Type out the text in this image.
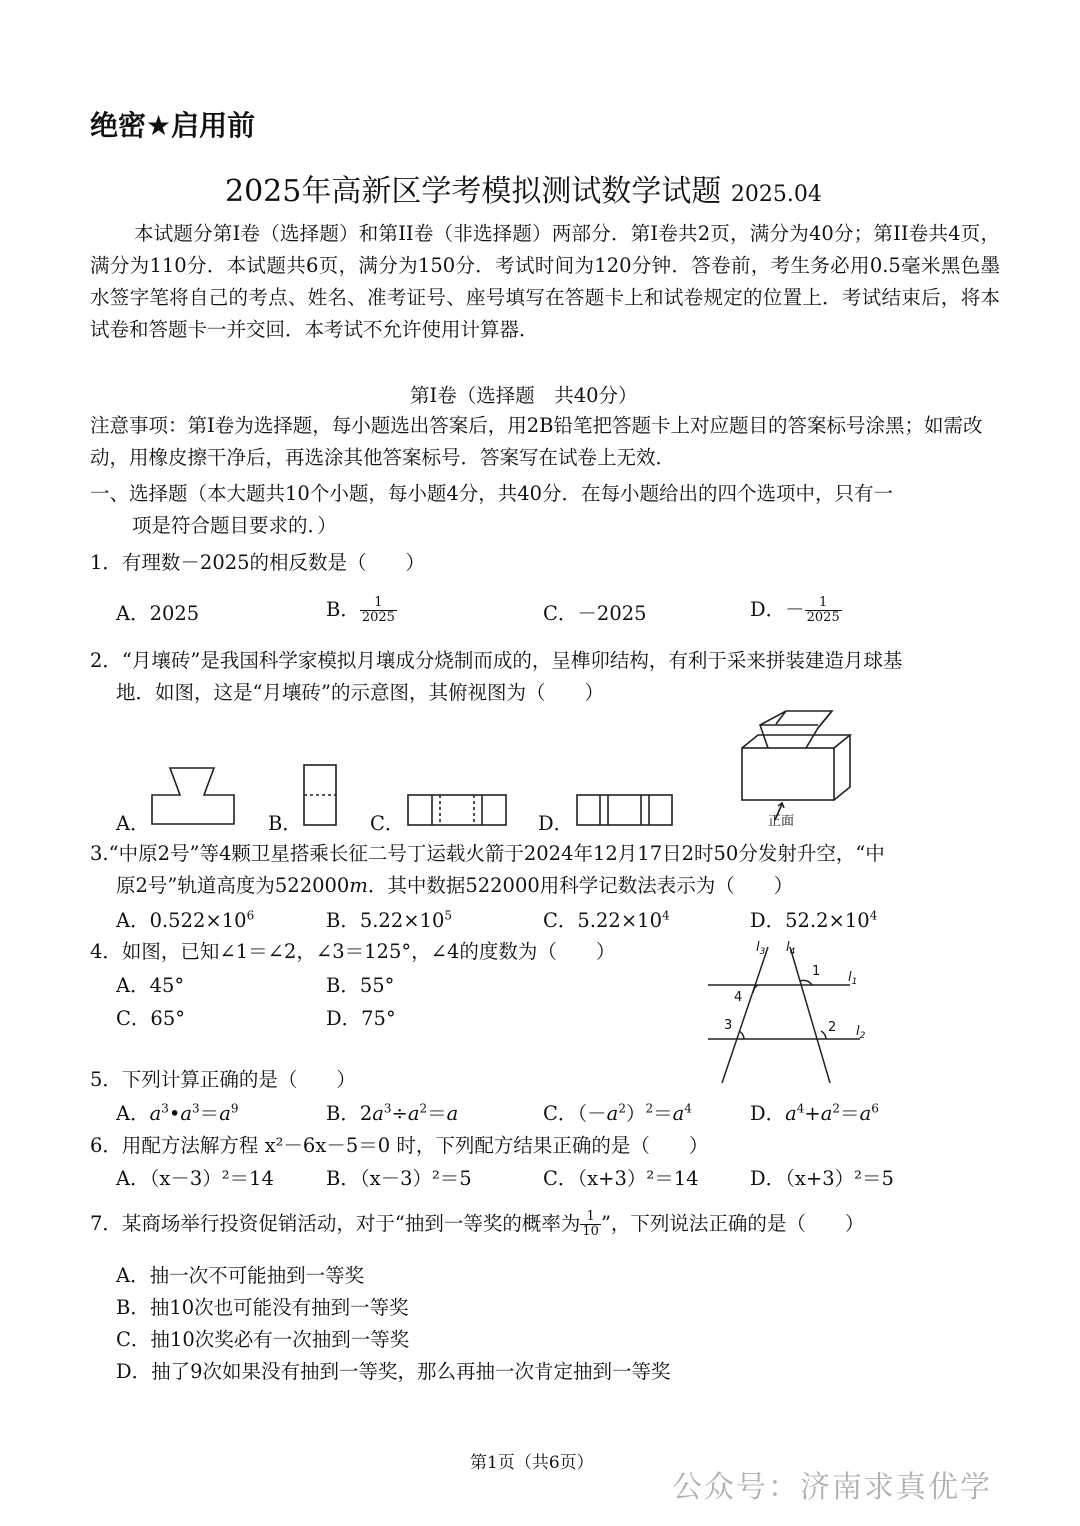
绝密★启用前
2025年高新区学考模拟测试数学试题 2025.04
本试题分第I卷（选择题）和第II卷（非选择题）两部分．第I卷共2页，满分为40分；第II卷共4页，满分为110分．本试题共6页，满分为150分．考试时间为120分钟．答卷前，考生务必用0.5毫米黑色墨水签字笔将自己的考点、姓名、准考证号、座号填写在答题卡上和试卷规定的位置上．考试结束后，将本试卷和答题卡一并交回．本考试不允许使用计算器．
第I卷（选择题　共40分）
注意事项：第I卷为选择题，每小题选出答案后，用2B铅笔把答题卡上对应题目的答案标号涂黑；如需改动，用橡皮擦干净后，再选涂其他答案标号．答案写在试卷上无效．
一、选择题（本大题共10个小题，每小题4分，共40分．在每小题给出的四个选项中，只有一
项是符合题目要求的．）
1．有理数－2025的相反数是（　　）
A．2025	B． $\frac{1}{2025}$	C．－2025	D．－ $\frac{1}{2025}$
2．“月壤砖”是我国科学家模拟月壤成分烧制而成的，呈榫卯结构，有利于采来拼装建造月球基
地．如图，这是“月壤砖”的示意图，其俯视图为（　　）
A．	B．	C．	D．	正面
3.“中原2号”等4颗卫星搭乘长征二号丁运载火箭于2024年12月17日2时50分发射升空，“中
原2号”轨道高度为522000m．其中数据522000用科学记数法表示为（　　）
A．$0.522\times 10^6$	B．$5.22\times 10^5$	C．$5.22\times 10^4$	D．$52.2\times 10^4$
4．如图，已知∠1＝∠2，∠3＝125°，∠4的度数为（　　）
A．45°	B．55°
C．65°	D．75°
$l_3$ $l_4$
$l_1$
$l_2$
1
2
3
4
5．下列计算正确的是（　　）
A．$a^3•a^3=a^9$	B．$2a^3\div a^2=a$	C．$(-a^2)^2=a^4$	D．$a^4+a^2=a^6$
6．用配方法解方程 x²－6x－5＝0 时，下列配方结果正确的是（　　）
A．（x－3）²＝14	B．（x－3）²＝5	C．（x+3）²＝14	D．（x+3）²＝5
7．某商场举行投资促销活动，对于“抽到一等奖的概率为 $\frac{1}{10}$ ”，下列说法正确的是（　　）
A．抽一次不可能抽到一等奖
B．抽10次也可能没有抽到一等奖
C．抽10次奖必有一次抽到一等奖
D．抽了9次如果没有抽到一等奖，那么再抽一次肯定抽到一等奖
第1页（共6页）
公众号：济南求真优学
